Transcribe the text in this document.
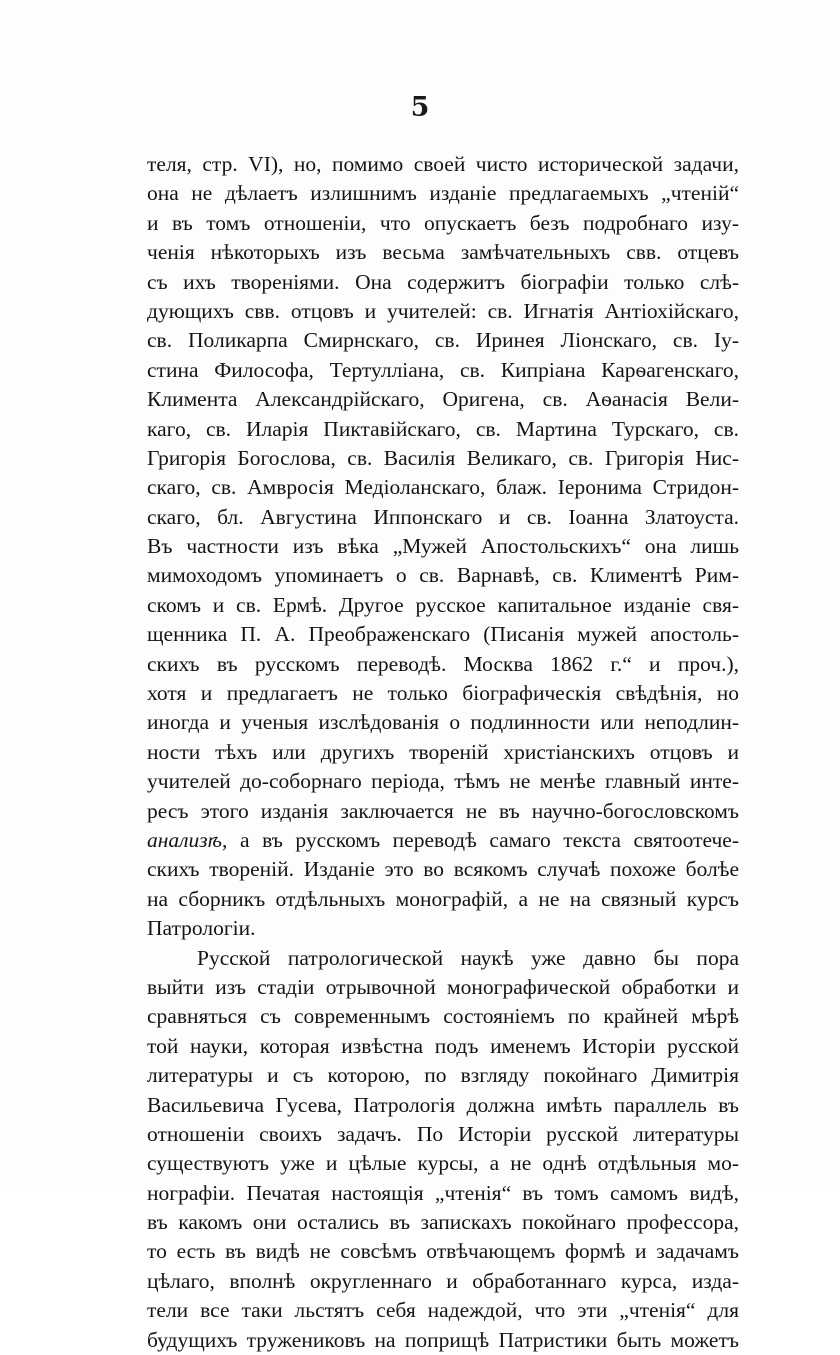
5
теля, стр. VI), но, помимо своей чисто исторической задачи,
она не дѣлаетъ излишнимъ изданіе предлагаемыхъ „чтеній“
и въ томъ отношеніи, что опускаетъ безъ подробнаго изу-
ченія нѣкоторыхъ изъ весьма замѣчательныхъ свв. отцевъ
съ ихъ твореніями. Она содержитъ біографіи только слѣ-
дующихъ свв. отцовъ и учителей: св. Игнатія Антіохійскаго,
св. Поликарпа Смирнскаго, св. Иринея Ліонскаго, св. Іу-
стина Философа, Тертулліана, св. Кипріана Карѳагенскаго,
Климента Александрійскаго, Оригена, св. Аѳанасія Вели-
каго, св. Иларія Пиктавійскаго, св. Мартина Турскаго, св.
Григорія Богослова, св. Василія Великаго, св. Григорія Нис-
скаго, св. Амвросія Медіоланскаго, блаж. Іеронима Стридон-
скаго, бл. Августина Иппонскаго и св. Іоанна Златоуста.
Въ частности изъ вѣка „Мужей Апостольскихъ“ она лишь
мимоходомъ упоминаетъ о св. Варнавѣ, св. Климентѣ Рим-
скомъ и св. Ермѣ. Другое русское капитальное изданіе свя-
щенника П. А. Преображенскаго (Писанія мужей апостоль-
скихъ въ русскомъ переводѣ. Москва 1862 г.“ и проч.),
хотя и предлагаетъ не только біографическія свѣдѣнія, но
иногда и ученыя изслѣдованія о подлинности или неподлин-
ности тѣхъ или другихъ твореній христіанскихъ отцовъ и
учителей до-соборнаго періода, тѣмъ не менѣе главный инте-
ресъ этого изданія заключается не въ научно-богословскомъ
анализѣ, а въ русскомъ переводѣ самаго текста святоотече-
скихъ твореній. Изданіе это во всякомъ случаѣ похоже болѣе
на сборникъ отдѣльныхъ монографій, а не на связный курсъ
Патрологіи.
Русской патрологической наукѣ уже давно бы пора
выйти изъ стадіи отрывочной монографической обработки и
сравняться съ современнымъ состояніемъ по крайней мѣрѣ
той науки, которая извѣстна подъ именемъ Исторіи русской
литературы и съ которою, по взгляду покойнаго Димитрія
Васильевича Гусева, Патрологія должна имѣть параллель въ
отношеніи своихъ задачъ. По Исторіи русской литературы
существуютъ уже и цѣлые курсы, а не однѣ отдѣльныя мо-
нографіи. Печатая настоящія „чтенія“ въ томъ самомъ видѣ,
въ какомъ они остались въ запискахъ покойнаго профессора,
то есть въ видѣ не совсѣмъ отвѣчающемъ формѣ и задачамъ
цѣлаго, вполнѣ округленнаго и обработаннаго курса, изда-
тели все таки льстятъ себя надеждой, что эти „чтенія“ для
будущихъ тружениковъ на поприщѣ Патристики быть можетъ
